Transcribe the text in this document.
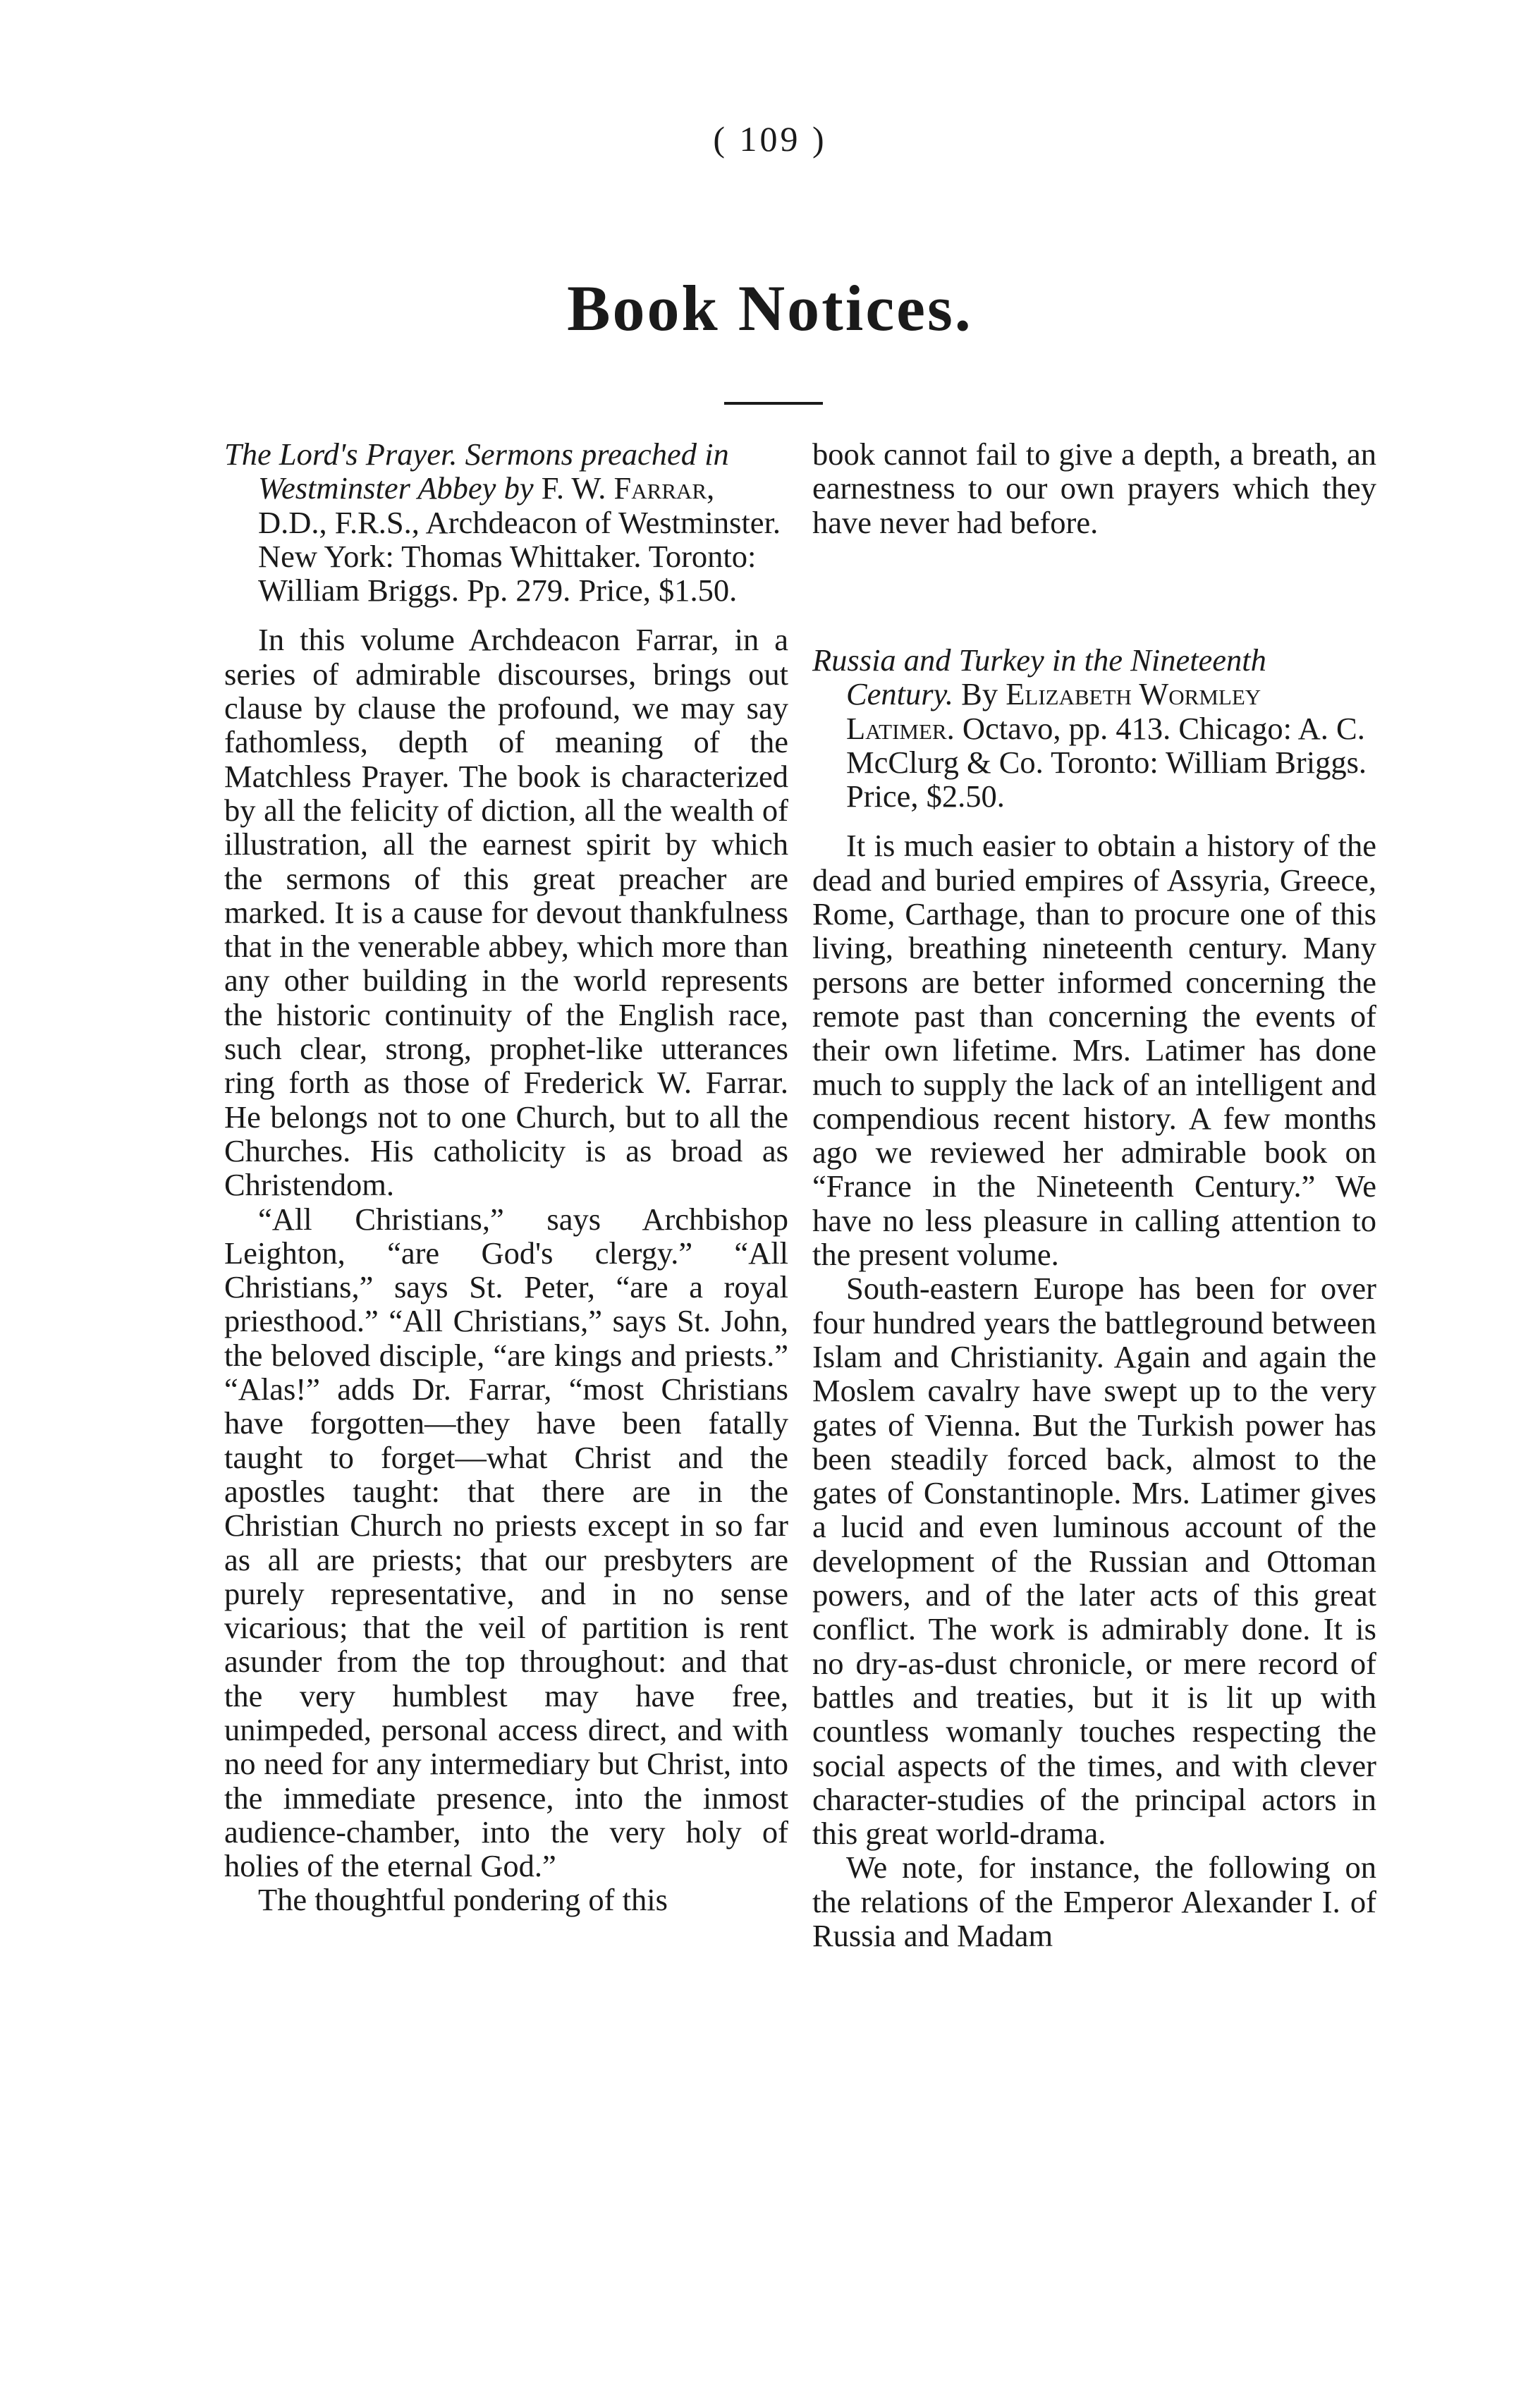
( 109 )
Book Notices.
The Lord's Prayer. Sermons preached in Westminster Abbey by F. W. Farrar, D.D., F.R.S., Archdeacon of Westminster. New York: Thomas Whittaker. Toronto: William Briggs. Pp. 279. Price, $1.50.

In this volume Archdeacon Farrar, in a series of admirable discourses, brings out clause by clause the profound, we may say fathomless, depth of meaning of the Matchless Prayer. The book is characterized by all the felicity of diction, all the wealth of illustration, all the earnest spirit by which the sermons of this great preacher are marked. It is a cause for devout thankfulness that in the venerable abbey, which more than any other building in the world represents the historic continuity of the English race, such clear, strong, prophet-like utterances ring forth as those of Frederick W. Farrar. He belongs not to one Church, but to all the Churches. His catholicity is as broad as Christendom.

“All Christians,” says Archbishop Leighton, “are God's clergy.” “All Christians,” says St. Peter, “are a royal priesthood.” “All Christians,” says St. John, the beloved disciple, “are kings and priests.” “Alas!” adds Dr. Farrar, “most Christians have forgotten—they have been fatally taught to forget—what Christ and the apostles taught: that there are in the Christian Church no priests except in so far as all are priests; that our presbyters are purely representative, and in no sense vicarious; that the veil of partition is rent asunder from the top throughout: and that the very humblest may have free, unimpeded, personal access direct, and with no need for any intermediary but Christ, into the immediate presence, into the inmost audience-chamber, into the very holy of holies of the eternal God.”

The thoughtful pondering of this

book cannot fail to give a depth, a breath, an earnestness to our own prayers which they have never had before.

Russia and Turkey in the Nineteenth Century. By Elizabeth Wormley Latimer. Octavo, pp. 413. Chicago: A. C. McClurg & Co. Toronto: William Briggs. Price, $2.50.

It is much easier to obtain a history of the dead and buried empires of Assyria, Greece, Rome, Carthage, than to procure one of this living, breathing nineteenth century. Many persons are better informed concerning the remote past than concerning the events of their own lifetime. Mrs. Latimer has done much to supply the lack of an intelligent and compendious recent history. A few months ago we reviewed her admirable book on “France in the Nineteenth Century.” We have no less pleasure in calling attention to the present volume.

South-eastern Europe has been for over four hundred years the battleground between Islam and Christianity. Again and again the Moslem cavalry have swept up to the very gates of Vienna. But the Turkish power has been steadily forced back, almost to the gates of Constantinople. Mrs. Latimer gives a lucid and even luminous account of the development of the Russian and Ottoman powers, and of the later acts of this great conflict. The work is admirably done. It is no dry-as-dust chronicle, or mere record of battles and treaties, but it is lit up with countless womanly touches respecting the social aspects of the times, and with clever character-studies of the principal actors in this great world-drama.

We note, for instance, the following on the relations of the Emperor Alexander I. of Russia and Madam
